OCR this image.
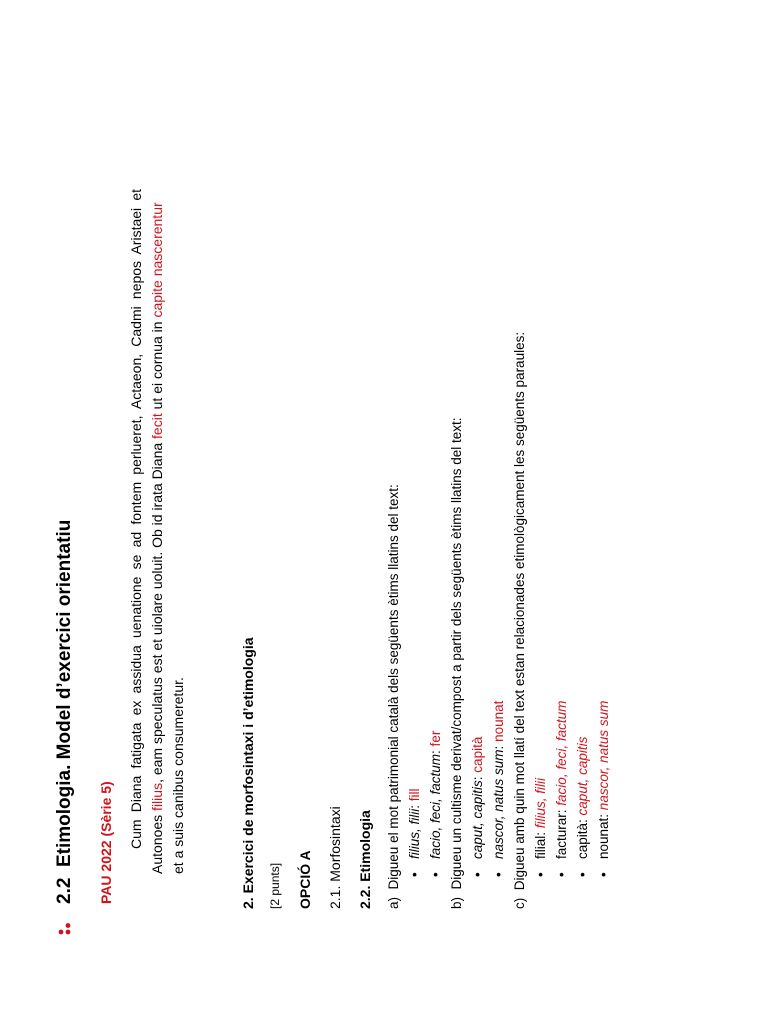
2.2  Etimologia. Model d’exercici orientatiu PAU 2022 (Sèrie 5) Cum Diana fatigata ex assidua uenatione se ad fontem perlueret, Actaeon, Cadmi nepos Aristaei et Autonoes filius, eam speculatus est et uiolare uoluit. Ob id irata Diana fecit ut ei cornua in capite nascerentur
et a suis canibus consumeretur.	2. Exercici de morfosintaxi i d’etimologia [2 punts] OPCIÓ A 2.1. Morfosintaxi 2.2. Etimologia a)  Digueu el mot patrimonial català dels següents ètims llatins del text: • filius, filii: fill • facio, feci, factum: fer
b)  Digueu un cultisme derivat/compost a partir dels següents ètims llatins del text: • caput, capitis: capità • nascor, natus sum: nounat
c)  Digueu amb quin mot llatí del text estan relacionades etimològicament les següents paraules: • filial: filius, filii
• facturar: facio, feci, factum
• capità: caput, capitis
• nounat: nascor, natus sum
